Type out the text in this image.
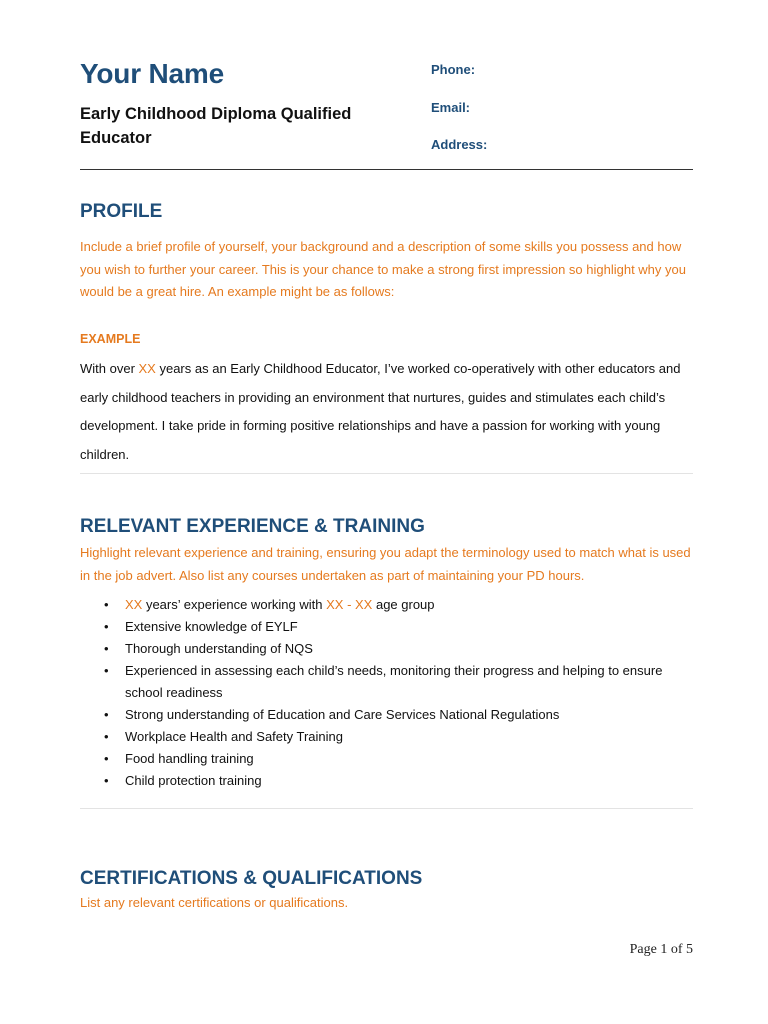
Your Name

Early Childhood Diploma Qualified Educator

Phone:
Email:
Address:
PROFILE

Include a brief profile of yourself, your background and a description of some skills you possess and how you wish to further your career. This is your chance to make a strong first impression so highlight why you would be a great hire. An example might be as follows:

EXAMPLE

With over XX years as an Early Childhood Educator, I’ve worked co-operatively with other educators and early childhood teachers in providing an environment that nurtures, guides and stimulates each child’s development. I take pride in forming positive relationships and have a passion for working with young children.

RELEVANT EXPERIENCE & TRAINING

Highlight relevant experience and training, ensuring you adapt the terminology used to match what is used in the job advert. Also list any courses undertaken as part of maintaining your PD hours.

• XX years’ experience working with XX - XX age group
• Extensive knowledge of EYLF
• Thorough understanding of NQS
• Experienced in assessing each child’s needs, monitoring their progress and helping to ensure school readiness
• Strong understanding of Education and Care Services National Regulations
• Workplace Health and Safety Training
• Food handling training
• Child protection training
CERTIFICATIONS & QUALIFICATIONS

List any relevant certifications or qualifications.

Page 1 of 5
